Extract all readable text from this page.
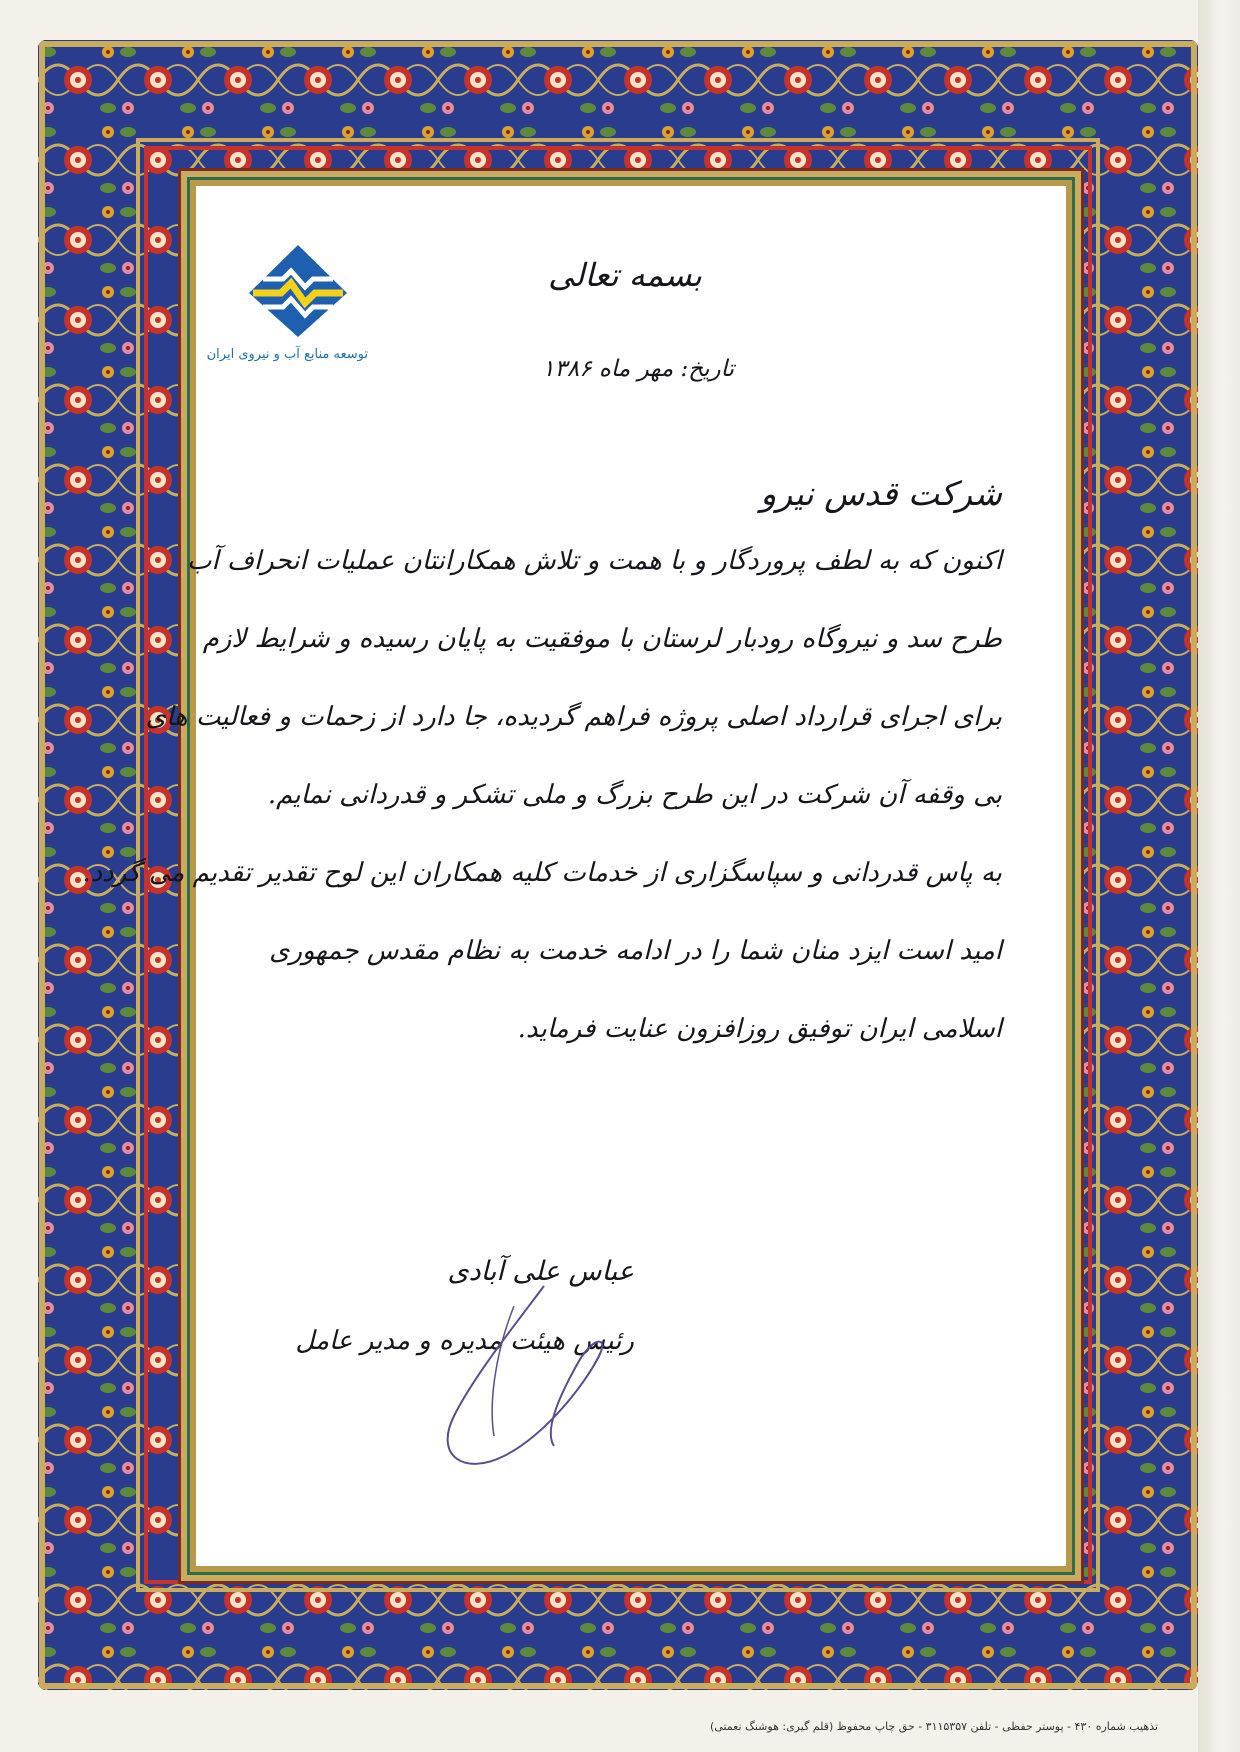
توسعه منابع آب و نیروی ایران
بسمه تعالی
تاریخ: مهر ماه ۱۳۸۶
شرکت قدس نیرو
اکنون که به لطف پروردگار و با همت و تلاش همکارانتان عملیات انحراف آب
طرح سد و نیروگاه رودبار لرستان با موفقیت به پایان رسیده و شرایط لازم
برای اجرای قرارداد اصلی پروژه فراهم گردیده، جا دارد از زحمات و فعالیت های
بی وقفه آن شرکت در این طرح بزرگ و ملی تشکر و قدردانی نمایم.
به پاس قدردانی و سپاسگزاری از خدمات کلیه همکاران این لوح تقدیر تقدیم می گردد.
امید است ایزد منان شما را در ادامه خدمت به نظام مقدس جمهوری
اسلامی ایران توفیق روزافزون عنایت فرماید.
عباس علی آبادی
رئیس هیئت مدیره و مدیر عامل
تذهیب شماره ۴۳۰ - پوستر حفظی - تلفن ۳۱۱۵۳۵۷ - حق چاپ محفوظ (قلم گیری: هوشنگ نعمتی)
